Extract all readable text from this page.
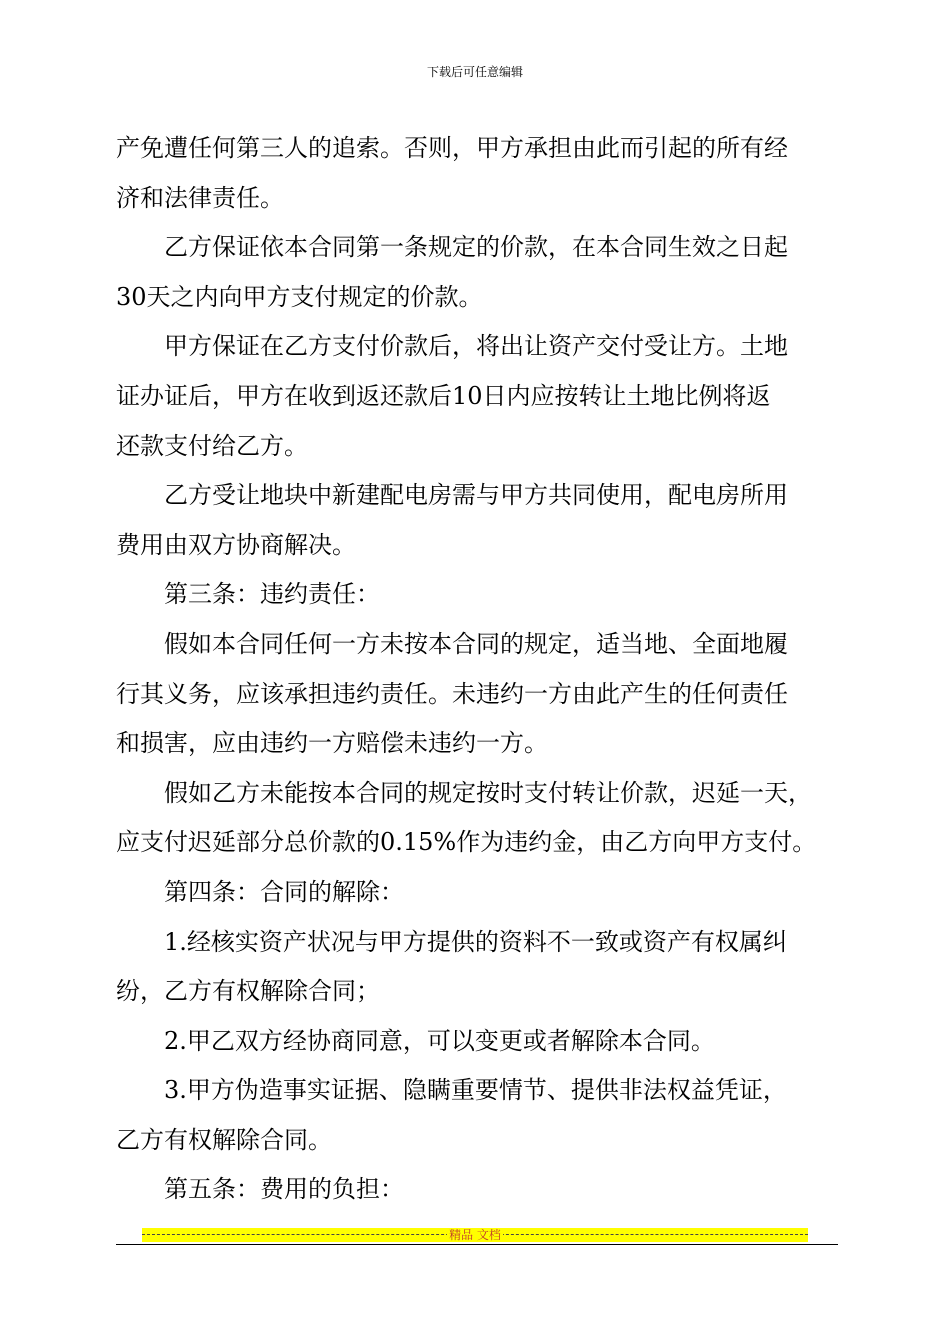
下载后可任意编辑
产免遭任何第三人的追索。否则，甲方承担由此而引起的所有经
济和法律责任。
乙方保证依本合同第一条规定的价款，在本合同生效之日起
30天之内向甲方支付规定的价款。
甲方保证在乙方支付价款后，将出让资产交付受让方。土地
证办证后，甲方在收到返还款后10日内应按转让土地比例将返
还款支付给乙方。
乙方受让地块中新建配电房需与甲方共同使用，配电房所用
费用由双方协商解决。
第三条：违约责任：
假如本合同任何一方未按本合同的规定，适当地、全面地履
行其义务，应该承担违约责任。未违约一方由此产生的任何责任
和损害，应由违约一方赔偿未违约一方。
假如乙方未能按本合同的规定按时支付转让价款，迟延一天，
应支付迟延部分总价款的0.15%作为违约金，由乙方向甲方支付。
第四条：合同的解除：
1.经核实资产状况与甲方提供的资料不一致或资产有权属纠
纷，乙方有权解除合同；
2.甲乙双方经协商同意，可以变更或者解除本合同。
3.甲方伪造事实证据、隐瞒重要情节、提供非法权益凭证，
乙方有权解除合同。
第五条：费用的负担：
精品 文档
